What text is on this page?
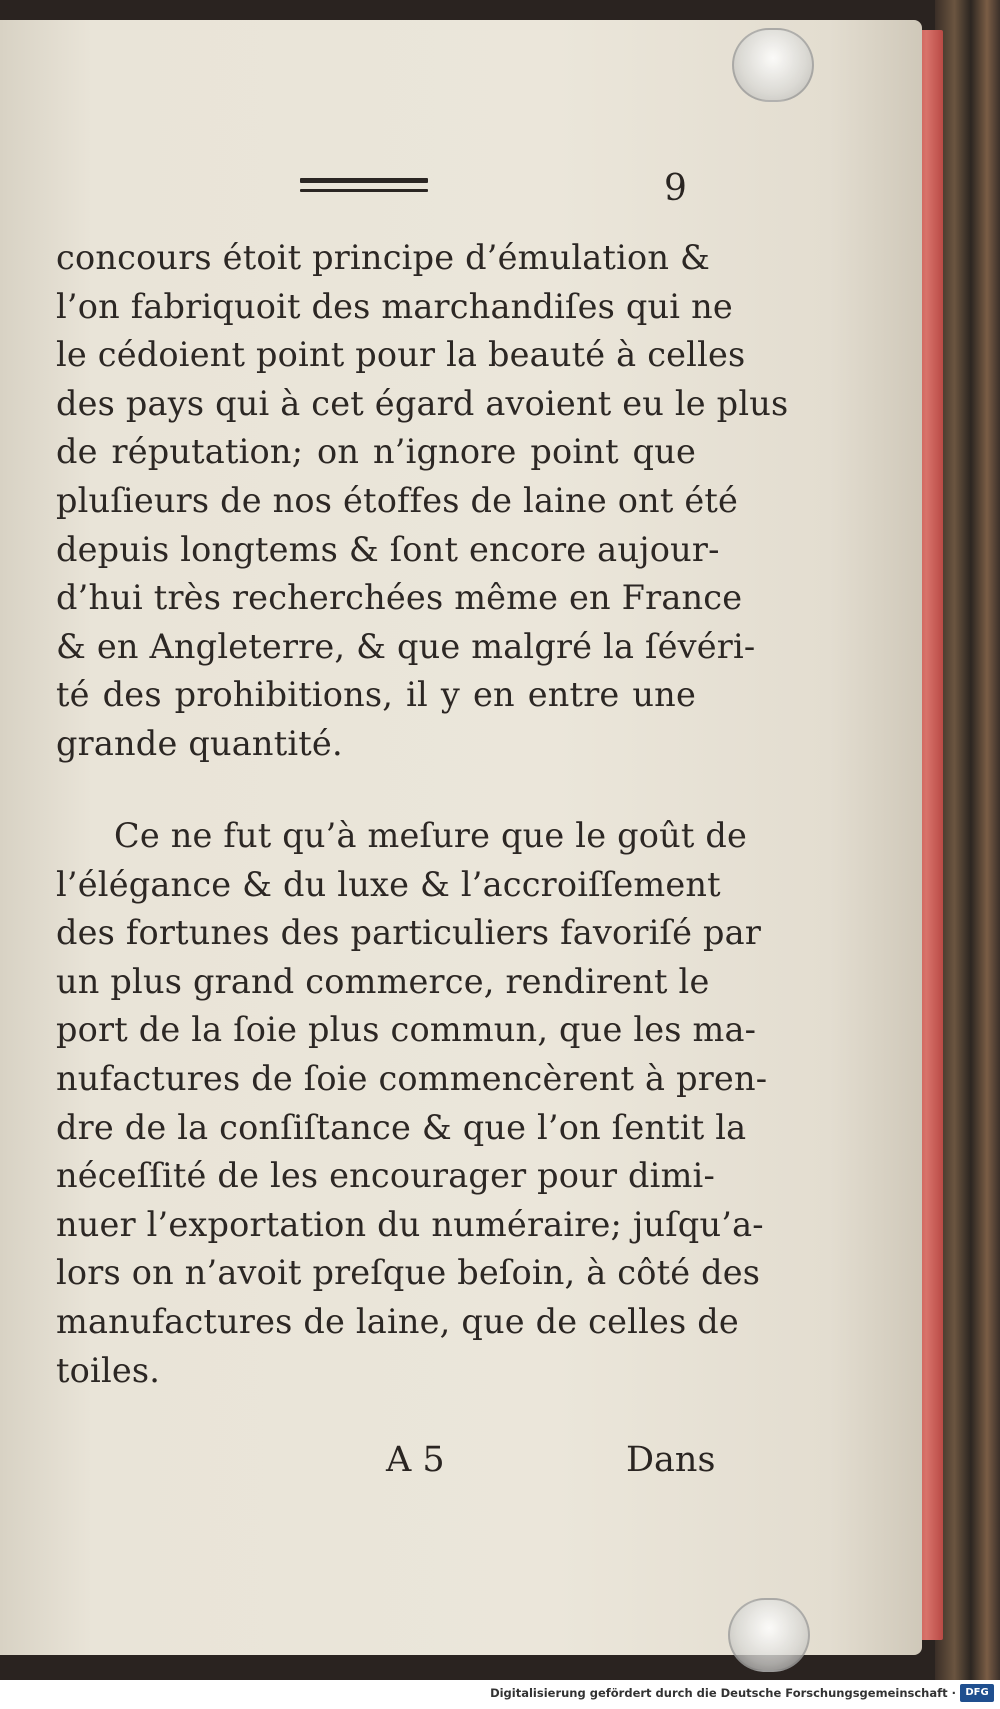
9
concours étoit principe d’émulation &
l’on fabriquoit des marchandiſes qui ne
le cédoient point pour la beauté à celles
des pays qui à cet égard avoient eu le plus
de réputation; on n’ignore point que
pluſieurs de nos étoffes de laine ont été
depuis longtems & ſont encore aujour-
d’hui très recherchées même en France
& en Angleterre, & que malgré la ſévéri-
té des prohibitions, il y en entre une
grande quantité.
Ce ne fut qu’à meſure que le goût de
l’élégance & du luxe & l’accroiſſement
des fortunes des particuliers favoriſé par
un plus grand commerce, rendirent le
port de la ſoie plus commun, que les ma-
nufactures de ſoie commencèrent à pren-
dre de la conſiſtance & que l’on ſentit la
néceſſité de les encourager pour dimi-
nuer l’exportation du numéraire; juſqu’a-
lors on n’avoit preſque beſoin, à côté des
manufactures de laine, que de celles de
toiles.
A 5	Dans
Digitalisierung gefördert durch die Deutsche Forschungsgemeinschaft · DFG
